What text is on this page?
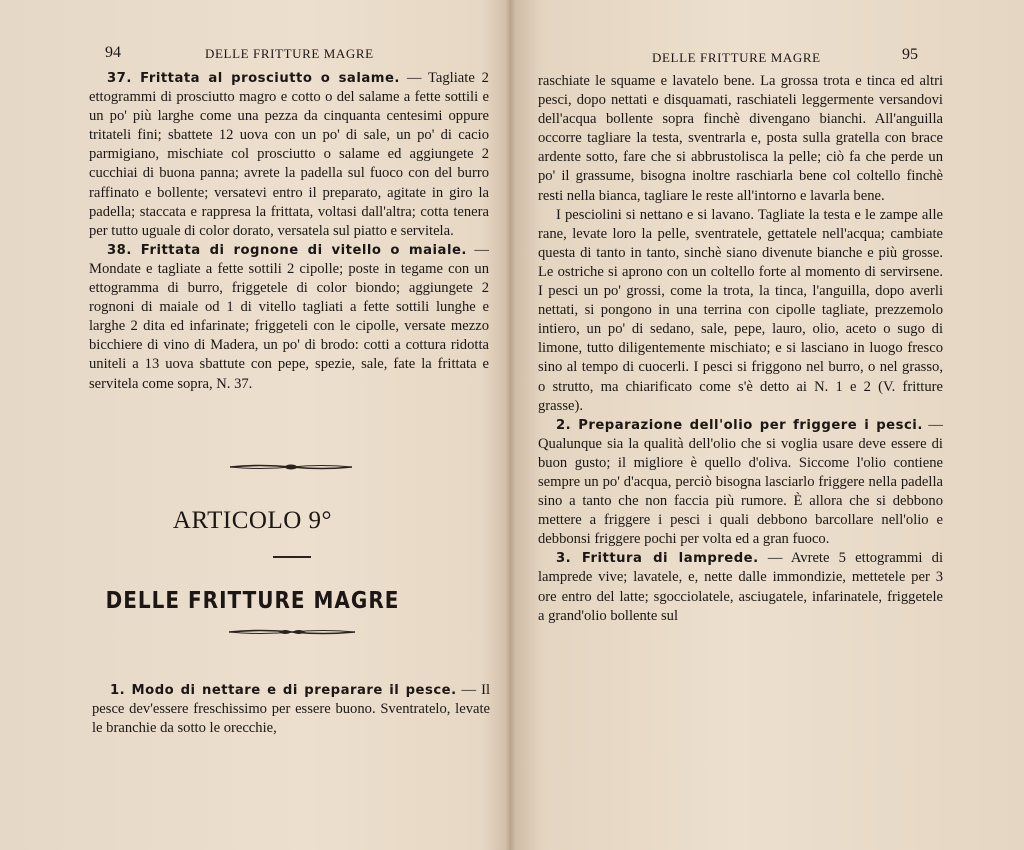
94	DELLE FRITTURE MAGRE

37. Frittata al prosciutto o salame. — Tagliate 2 ettogrammi di prosciutto magro e cotto o del salame a fette sottili e un po' più larghe come una pezza da cinquanta centesimi oppure tritateli fini; sbattete 12 uova con un po' di sale, un po' di cacio parmigiano, mischiate col prosciutto o salame ed aggiungete 2 cucchiai di buona panna; avrete la padella sul fuoco con del burro raffinato e bollente; versatevi entro il preparato, agitate in giro la padella; staccata e rappresa la frittata, voltasi dall'altra; cotta tenera per tutto uguale di color dorato, versatela sul piatto e servitela.

38. Frittata di rognone di vitello o maiale. — Mondate e tagliate a fette sottili 2 cipolle; poste in tegame con un ettogramma di burro, friggetele di color biondo; aggiungete 2 rognoni di maiale od 1 di vitello tagliati a fette sottili lunghe e larghe 2 dita ed infarinate; friggeteli con le cipolle, versate mezzo bicchiere di vino di Madera, un po' di brodo: cotti a cottura ridotta uniteli a 13 uova sbattute con pepe, spezie, sale, fate la frittata e servitela come sopra, N. 37.

ARTICOLO 9°
DELLE FRITTURE MAGRE

1. Modo di nettare e di preparare il pesce. — Il pesce dev'essere freschissimo per essere buono. Sventratelo, levate le branchie da sotto le orecchie,

DELLE FRITTURE MAGRE	95

raschiate le squame e lavatelo bene. La grossa trota e tinca ed altri pesci, dopo nettati e disquamati, raschiateli leggermente versandovi dell'acqua bollente sopra finchè divengano bianchi. All'anguilla occorre tagliare la testa, sventrarla e, posta sulla gratella con brace ardente sotto, fare che si abbrustolisca la pelle; ciò fa che perde un po' il grassume, bisogna inoltre raschiarla bene col coltello finchè resti nella bianca, tagliare le reste all'intorno e lavarla bene.

I pesciolini si nettano e si lavano. Tagliate la testa e le zampe alle rane, levate loro la pelle, sventratele, gettatele nell'acqua; cambiate questa di tanto in tanto, sinchè siano divenute bianche e più grosse. Le ostriche si aprono con un coltello forte al momento di servirsene. I pesci un po' grossi, come la trota, la tinca, l'anguilla, dopo averli nettati, si pongono in una terrina con cipolle tagliate, prezzemolo intiero, un po' di sedano, sale, pepe, lauro, olio, aceto o sugo di limone, tutto diligentemente mischiato; e si lasciano in luogo fresco sino al tempo di cuocerli. I pesci si friggono nel burro, o nel grasso, o strutto, ma chiarificato come s'è detto ai N. 1 e 2 (V. fritture grasse).

2. Preparazione dell'olio per friggere i pesci. — Qualunque sia la qualità dell'olio che si voglia usare deve essere di buon gusto; il migliore è quello d'oliva. Siccome l'olio contiene sempre un po' d'acqua, perciò bisogna lasciarlo friggere nella padella sino a tanto che non faccia più rumore. È allora che si debbono mettere a friggere i pesci i quali debbono barcollare nell'olio e debbonsi friggere pochi per volta ed a gran fuoco.

3. Frittura di lamprede. — Avrete 5 ettogrammi di lamprede vive; lavatele, e, nette dalle immondizie, mettetele per 3 ore entro del latte; sgocciolatele, asciugatele, infarinatele, friggetele a grand'olio bollente sul
